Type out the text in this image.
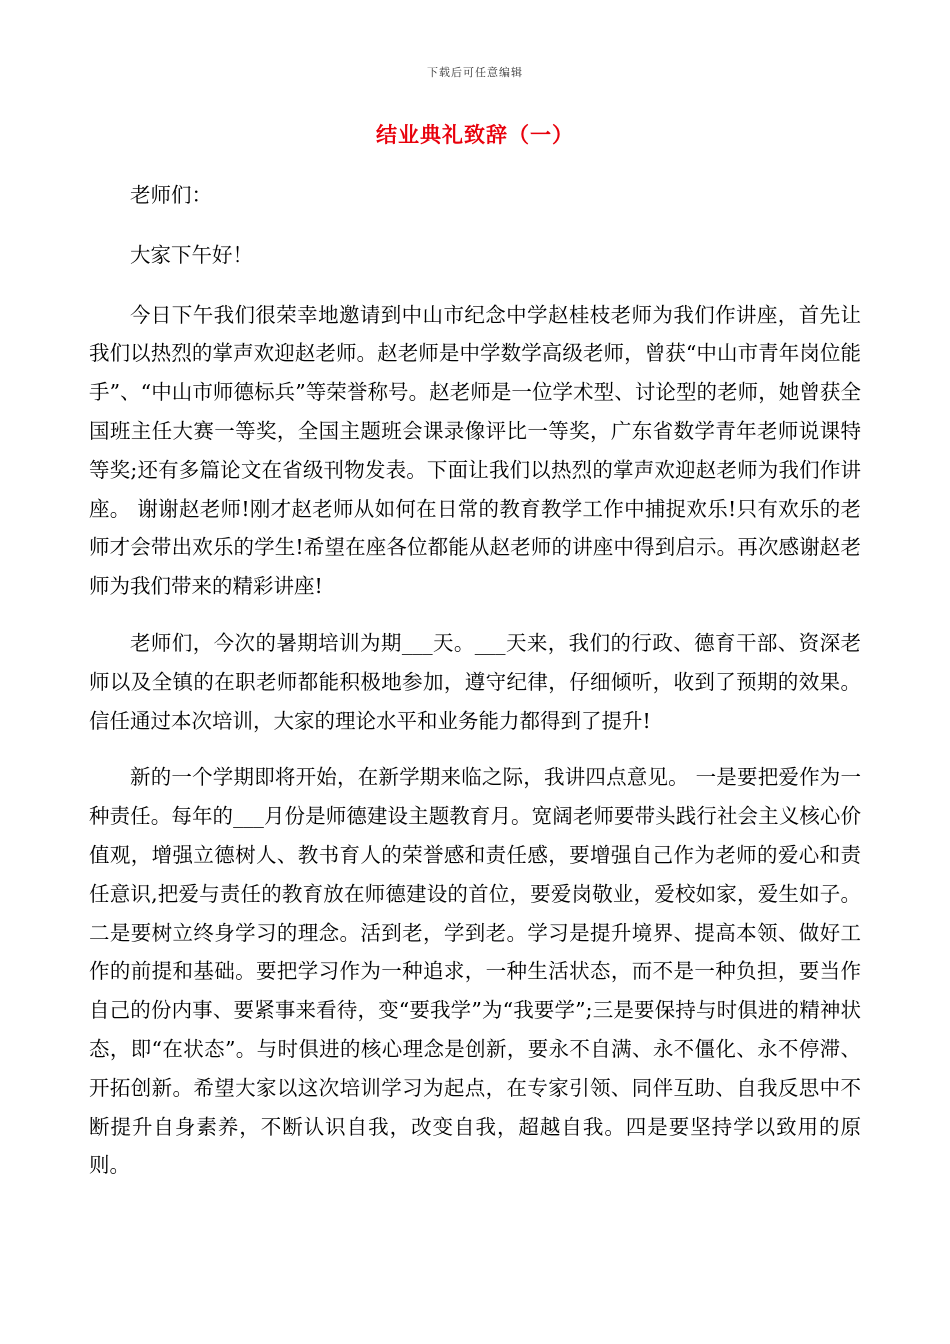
下载后可任意编辑
结业典礼致辞（一）

老师们：

大家下午好！

今日下午我们很荣幸地邀请到中山市纪念中学赵桂枝老师为我们作讲座，首先让我们以热烈的掌声欢迎赵老师。赵老师是中学数学高级老师，曾获“中山市青年岗位能手”、“中山市师德标兵”等荣誉称号。赵老师是一位学术型、讨论型的老师，她曾获全国班主任大赛一等奖，全国主题班会课录像评比一等奖，广东省数学青年老师说课特等奖;还有多篇论文在省级刊物发表。下面让我们以热烈的掌声欢迎赵老师为我们作讲座。 谢谢赵老师!刚才赵老师从如何在日常的教育教学工作中捕捉欢乐!只有欢乐的老师才会带出欢乐的学生!希望在座各位都能从赵老师的讲座中得到启示。再次感谢赵老师为我们带来的精彩讲座!

老师们，今次的暑期培训为期___天。___天来，我们的行政、德育干部、资深老师以及全镇的在职老师都能积极地参加，遵守纪律，仔细倾听，收到了预期的效果。信任通过本次培训，大家的理论水平和业务能力都得到了提升!

新的一个学期即将开始，在新学期来临之际，我讲四点意见。 一是要把爱作为一种责任。每年的___月份是师德建设主题教育月。宽阔老师要带头践行社会主义核心价值观，增强立德树人、教书育人的荣誉感和责任感，要增强自己作为老师的爱心和责任意识,把爱与责任的教育放在师德建设的首位，要爱岗敬业，爱校如家，爱生如子。二是要树立终身学习的理念。活到老，学到老。学习是提升境界、提高本领、做好工作的前提和基础。要把学习作为一种追求，一种生活状态，而不是一种负担，要当作自己的份内事、要紧事来看待，变“要我学”为“我要学”;三是要保持与时俱进的精神状态，即“在状态”。与时俱进的核心理念是创新，要永不自满、永不僵化、永不停滞、开拓创新。希望大家以这次培训学习为起点，在专家引领、同伴互助、自我反思中不断提升自身素养，不断认识自我，改变自我，超越自我。四是要坚持学以致用的原则。
